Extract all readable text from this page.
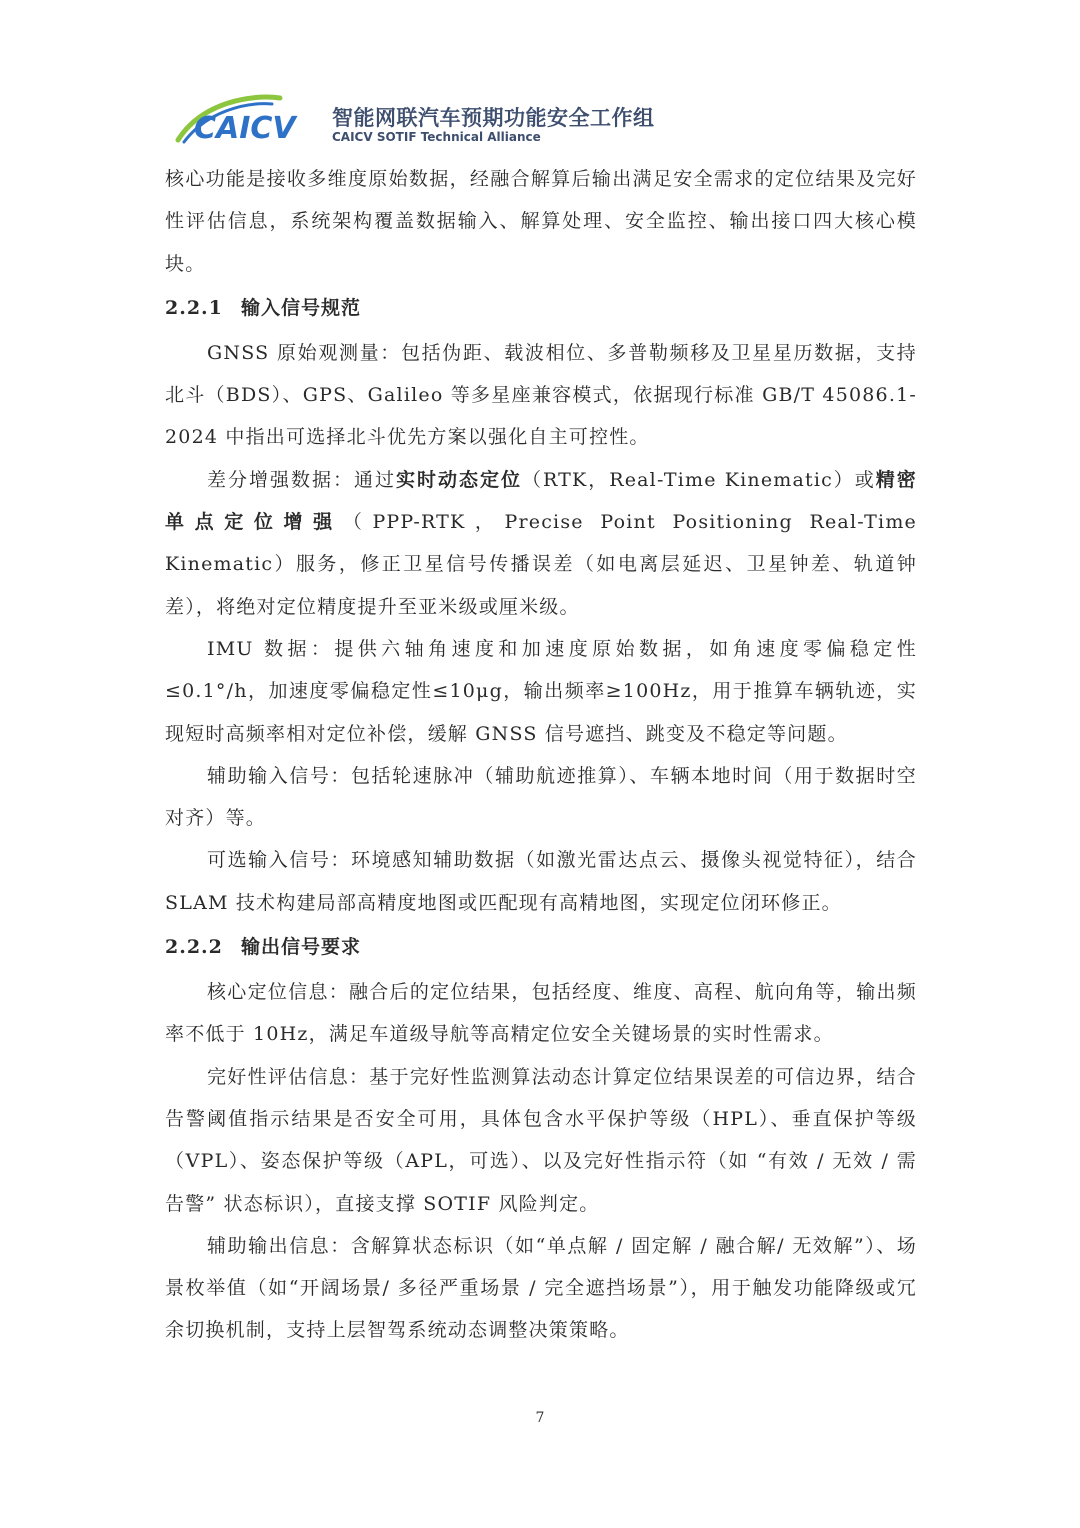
CAICV 智能网联汽车预期功能安全工作组
CAICV SOTIF Technical Alliance

核心功能是接收多维度原始数据，经融合解算后输出满足安全需求的定位结果及完好性评估信息，系统架构覆盖数据输入、解算处理、安全监控、输出接口四大核心模块。

2.2.1 输入信号规范

GNSS 原始观测量：包括伪距、载波相位、多普勒频移及卫星星历数据，支持北斗（BDS）、GPS、Galileo 等多星座兼容模式，依据现行标准 GB/T 45086.1-2024 中指出可选择北斗优先方案以强化自主可控性。

差分增强数据：通过实时动态定位（RTK，Real-Time Kinematic）或精密单点定位增强（PPP-RTK，Precise Point Positioning Real-Time Kinematic）服务，修正卫星信号传播误差（如电离层延迟、卫星钟差、轨道钟差），将绝对定位精度提升至亚米级或厘米级。

IMU 数据：提供六轴角速度和加速度原始数据，如角速度零偏稳定性≤0.1°/h，加速度零偏稳定性≤10μg，输出频率≥100Hz，用于推算车辆轨迹，实现短时高频率相对定位补偿，缓解 GNSS 信号遮挡、跳变及不稳定等问题。

辅助输入信号：包括轮速脉冲（辅助航迹推算）、车辆本地时间（用于数据时空对齐）等。

可选输入信号：环境感知辅助数据（如激光雷达点云、摄像头视觉特征），结合 SLAM 技术构建局部高精度地图或匹配现有高精地图，实现定位闭环修正。

2.2.2 输出信号要求

核心定位信息：融合后的定位结果，包括经度、维度、高程、航向角等，输出频率不低于 10Hz，满足车道级导航等高精定位安全关键场景的实时性需求。

完好性评估信息：基于完好性监测算法动态计算定位结果误差的可信边界，结合告警阈值指示结果是否安全可用，具体包含水平保护等级（HPL）、垂直保护等级（VPL）、姿态保护等级（APL，可选）、以及完好性指示符（如 “有效 / 无效 / 需告警” 状态标识），直接支撑 SOTIF 风险判定。

辅助输出信息：含解算状态标识（如“单点解 / 固定解 / 融合解/ 无效解”）、场景枚举值（如“开阔场景/ 多径严重场景 / 完全遮挡场景”），用于触发功能降级或冗余切换机制，支持上层智驾系统动态调整决策策略。

7
